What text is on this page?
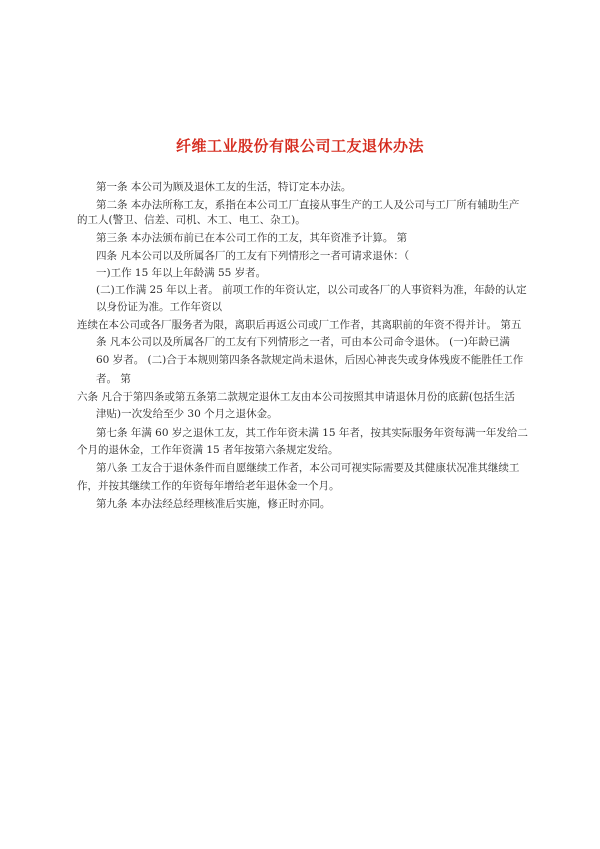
纤维工业股份有限公司工友退休办法

第一条 本公司为顾及退休工友的生活，特订定本办法。

第二条 本办法所称工友，系指在本公司工厂直接从事生产的工人及公司与工厂所有辅助生产

的工人(警卫、信差、司机、木工、电工、杂工)。

第三条 本办法颁布前已在本公司工作的工友，其年资准予计算。 第

四条 凡本公司以及所属各厂的工友有下列情形之一者可请求退休：（

一)工作 15 年以上年龄满 55 岁者。

(二)工作满 25 年以上者。 前项工作的年资认定，以公司或各厂的人事资料为准，年龄的认定

以身份证为准。工作年资以

连续在本公司或各厂服务者为限，离职后再返公司或厂工作者，其离职前的年资不得并计。 第五

条 凡本公司以及所属各厂的工友有下列情形之一者，可由本公司命令退休。 (一)年龄已满

60 岁者。 (二)合于本规则第四条各款规定尚未退休，后因心神丧失或身体残废不能胜任工作

者。 第

六条 凡合于第四条或第五条第二款规定退休工友由本公司按照其申请退休月份的底薪(包括生活

津贴)一次发给至少 30 个月之退休金。

第七条 年满 60 岁之退休工友，其工作年资未满 15 年者，按其实际服务年资每满一年发给二

个月的退休金，工作年资满 15 者年按第六条规定发给。

第八条 工友合于退休条件而自愿继续工作者，本公司可视实际需要及其健康状况准其继续工

作，并按其继续工作的年资每年增给老年退休金一个月。

第九条 本办法经总经理核准后实施，修正时亦同。
